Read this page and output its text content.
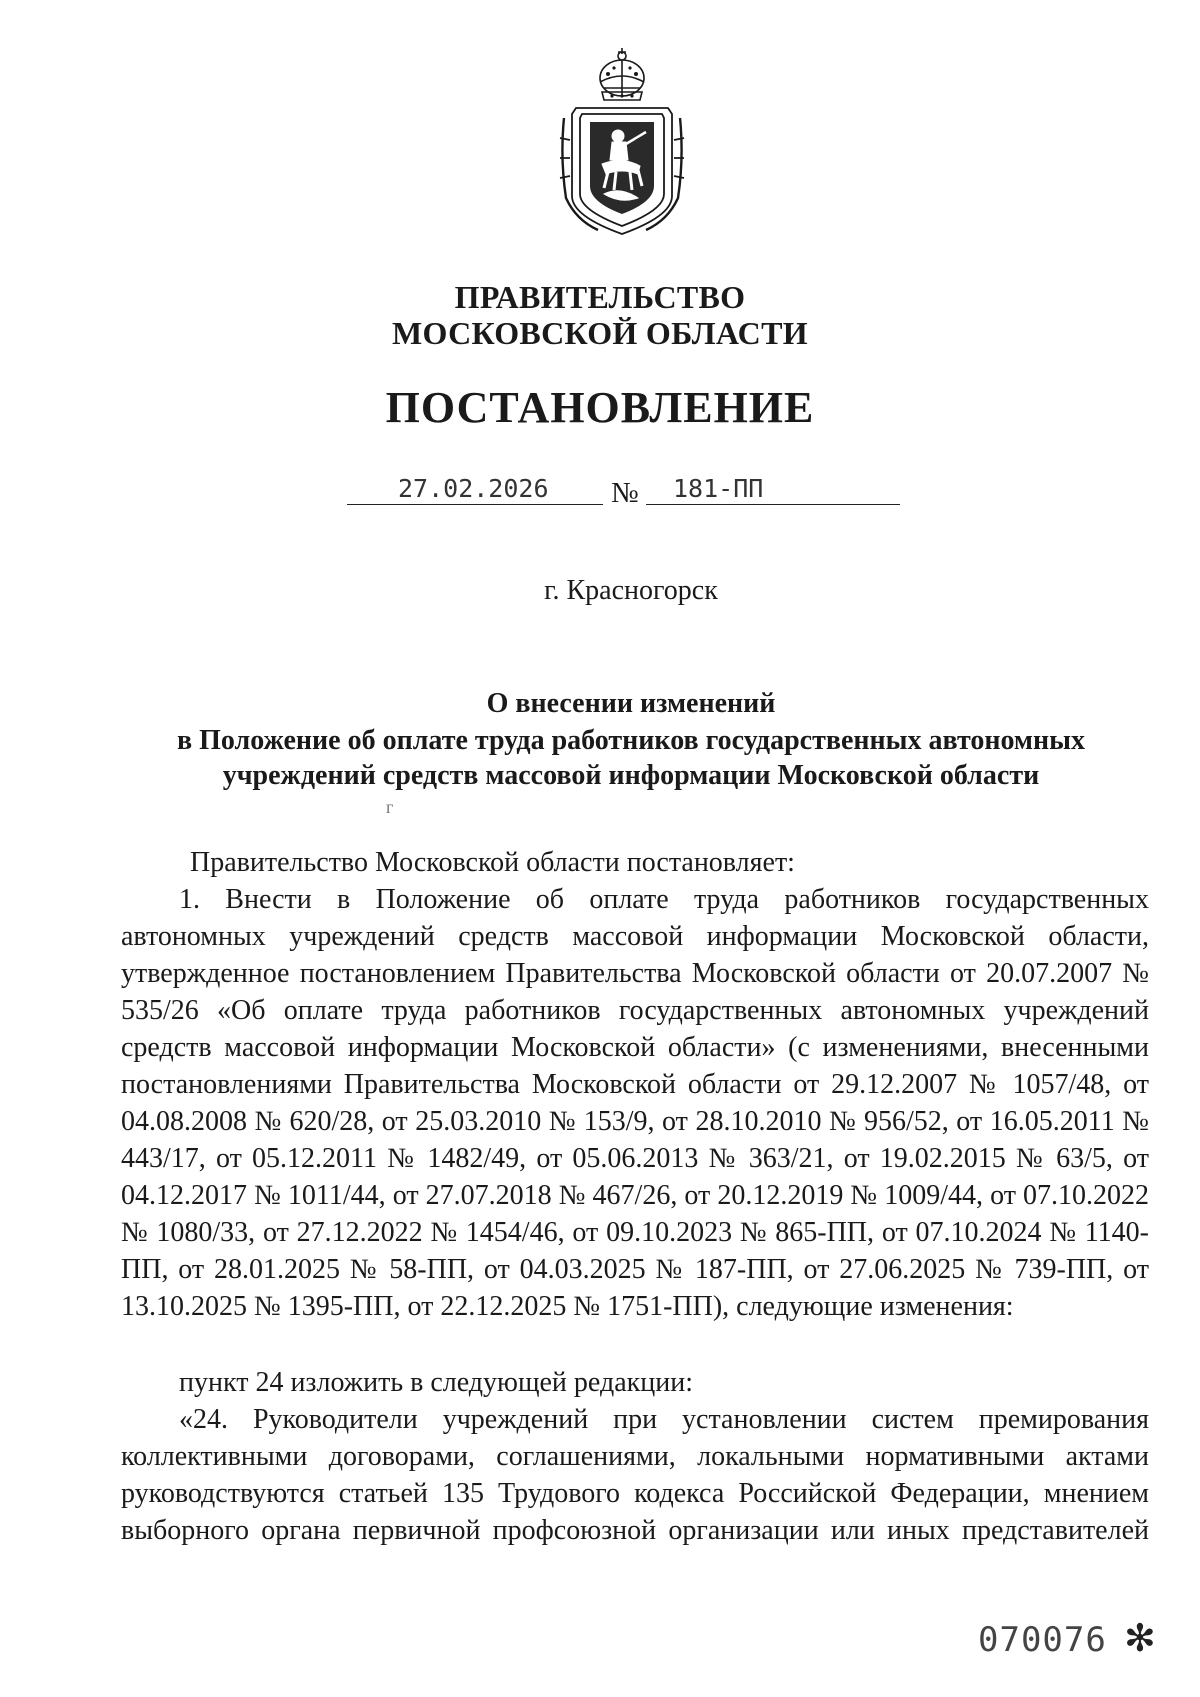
ПРАВИТЕЛЬСТВО
МОСКОВСКОЙ ОБЛАСТИ
ПОСТАНОВЛЕНИЕ
27.02.2026 № 181-ПП
г. Красногорск
О внесении изменений
в Положение об оплате труда работников государственных автономных
учреждений средств массовой информации Московской области
г
Правительство Московской области постановляет:
1. Внести в Положение об оплате труда работников государственных автономных учреждений средств массовой информации Московской области, утвержденное постановлением Правительства Московской области от 20.07.2007 № 535/26 «Об оплате труда работников государственных автономных учреждений средств массовой информации Московской области» (с изменениями, внесенными постановлениями Правительства Московской области от 29.12.2007 № 1057/48, от 04.08.2008 № 620/28, от 25.03.2010 № 153/9, от 28.10.2010 № 956/52, от 16.05.2011 № 443/17, от 05.12.2011 № 1482/49, от 05.06.2013 № 363/21, от 19.02.2015 № 63/5, от 04.12.2017 № 1011/44, от 27.07.2018 № 467/26, от 20.12.2019 № 1009/44, от 07.10.2022 № 1080/33, от 27.12.2022 № 1454/46, от 09.10.2023 № 865-ПП, от 07.10.2024 № 1140-ПП, от 28.01.2025 № 58-ПП, от 04.03.2025 № 187-ПП, от 27.06.2025 № 739-ПП, от 13.10.2025 № 1395-ПП, от 22.12.2025 № 1751-ПП), следующие изменения:
пункт 24 изложить в следующей редакции:
«24. Руководители учреждений при установлении систем премирования коллективными договорами, соглашениями, локальными нормативными актами руководствуются статьей 135 Трудового кодекса Российской Федерации, мнением выборного органа первичной профсоюзной организации или иных представителей
070076 ✻
